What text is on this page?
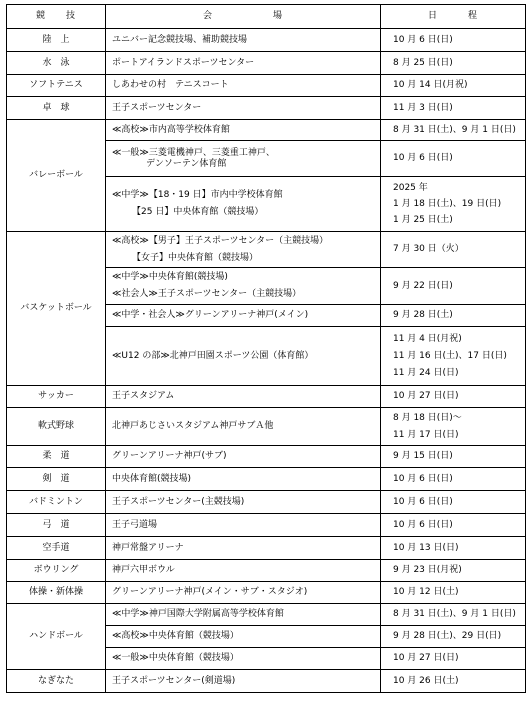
競　　技	会　　　　　　場	日　　　程
陸　上	ユニバー記念競技場、補助競技場	10 月 6 日(日)
水　泳	ポートアイランドスポーツセンター	8 月 25 日(日)
ソフトテニス	しあわせの村　テニスコート	10 月 14 日(月祝)
卓　球	王子スポーツセンター	11 月 3 日(日)
バレーボール	≪高校≫市内高等学校体育館	8 月 31 日(土)、9 月 1 日(日)

	≪一般≫三菱電機神戸、三菱重工神戸、
デンソーテン体育館	10 月 6 日(日)

	≪中学≫【18・19 日】市内中学校体育館
【25 日】中央体育館（競技場）	2025 年
1 月 18 日(土)、19 日(日)
1 月 25 日(土)

バスケットボール	≪高校≫【男子】王子スポーツセンター（主競技場）
【女子】中央体育館（競技場）	7 月 30 日（火）

	≪中学≫中央体育館(競技場)
≪社会人≫王子スポーツセンター（主競技場）	9 月 22 日(日)
	≪中学・社会人≫グリーンアリーナ神戸(メイン)	9 月 28 日(土)
	≪U12 の部≫北神戸田園スポーツ公園（体育館）	11 月 4 日(月祝)
11 月 16 日(土)、17 日(日)
11 月 24 日(日)

サッカー	王子スタジアム	10 月 27 日(日)
軟式野球	北神戸あじさいスタジアム神戸サブＡ他	8 月 18 日(日)～
11 月 17 日(日)

柔　道	グリーンアリーナ神戸(サブ)	9 月 15 日(日)
剣　道	中央体育館(競技場)	10 月 6 日(日)
バドミントン	王子スポーツセンター(主競技場)	10 月 6 日(日)
弓　道	王子弓道場	10 月 6 日(日)
空手道	神戸常盤アリーナ	10 月 13 日(日)
ボウリング	神戸六甲ボウル	9 月 23 日(月祝)
体操・新体操	グリーンアリーナ神戸(メイン・サブ・スタジオ)	10 月 12 日(土)
ハンドボール	≪中学≫神戸国際大学附属高等学校体育館	8 月 31 日(土)、9 月 1 日(日)
	≪高校≫中央体育館（競技場）	9 月 28 日(土)、29 日(日)
	≪一般≫中央体育館（競技場）	10 月 27 日(日)
なぎなた	王子スポーツセンター(剣道場)	10 月 26 日(土)
